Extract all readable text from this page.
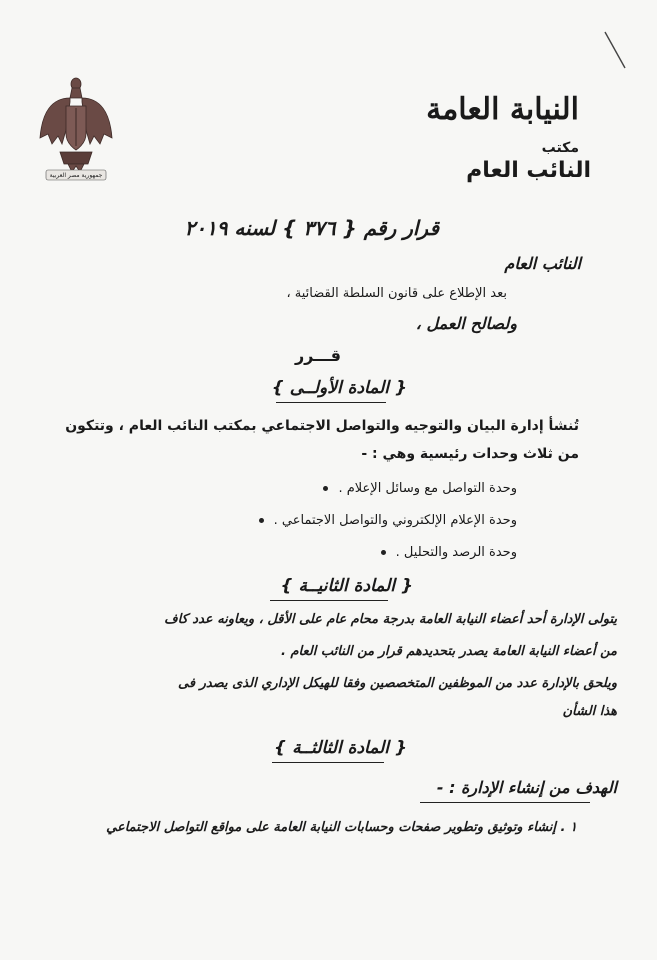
جمهورية مصر العربية
النيابة العامة
مكتب
النائب العام
قرار رقم { ٣٧٦ } لسنه ٢٠١٩
النائب العام
بعد الإطلاع على قانون السلطة القضائية ،
ولصالح العمل ،
قـــرر
{ المادة الأولــى }
تُنشأ إدارة البيان والتوجيه والتواصل الاجتماعي بمكتب النائب العام ، وتتكون
من ثلاث وحدات رئيسية وهي : -
وحدة التواصل مع وسائل الإعلام .
وحدة الإعلام الإلكتروني والتواصل الاجتماعي .
وحدة الرصد والتحليل .
{ المادة الثانيــة }
يتولى الإدارة أحد أعضاء النيابة العامة بدرجة محام عام على الأقل ، ويعاونه عدد كاف
من أعضاء النيابة العامة يصدر بتحديدهم قرار من النائب العام .
ويلحق بالإدارة عدد من الموظفين المتخصصين وفقا للهيكل الإداري الذى يصدر فى
هذا الشأن
{ المادة الثالثــة }
الهدف من إنشاء الإدارة : -
١ . إنشاء وتوثيق وتطوير صفحات وحسابات النيابة العامة على مواقع التواصل الاجتماعي
